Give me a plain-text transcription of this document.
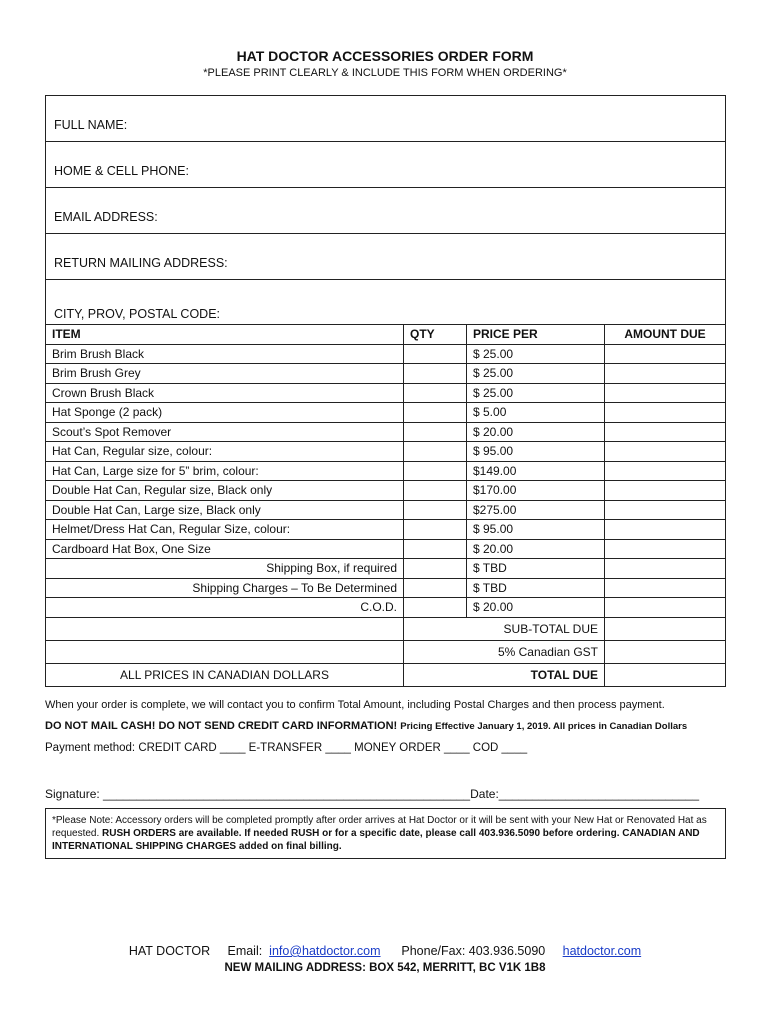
HAT DOCTOR ACCESSORIES ORDER FORM
*PLEASE PRINT CLEARLY & INCLUDE THIS FORM WHEN ORDERING*
FULL NAME:
HOME & CELL PHONE:
EMAIL ADDRESS:
RETURN MAILING ADDRESS:
CITY, PROV, POSTAL CODE:
ITEM	QTY	PRICE PER	AMOUNT DUE
Brim Brush Black		$ 25.00	
Brim Brush Grey		$ 25.00	
Crown Brush Black		$ 25.00	
Hat Sponge (2 pack)		$ 5.00	
Scout’s Spot Remover		$ 20.00	
Hat Can, Regular size, colour:		$ 95.00	
Hat Can, Large size for 5” brim, colour:		$149.00	
Double Hat Can, Regular size, Black only		$170.00	
Double Hat Can, Large size, Black only		$275.00	
Helmet/Dress Hat Can, Regular Size, colour:		$ 95.00	
Cardboard Hat Box, One Size		$ 20.00	
Shipping Box, if required		$ TBD	
Shipping Charges – To Be Determined		$ TBD	
C.O.D.		$ 20.00	
	SUB-TOTAL DUE		
	5% Canadian GST		
ALL PRICES IN CANADIAN DOLLARS	TOTAL DUE		
When your order is complete, we will contact you to confirm Total Amount, including Postal Charges and then process payment.
DO NOT MAIL CASH! DO NOT SEND CREDIT CARD INFORMATION! Pricing Effective January 1, 2019. All prices in Canadian Dollars
Payment method: CREDIT CARD ____ E-TRANSFER ____ MONEY ORDER ____ COD ____
Signature: _______________________________________________________Date:______________________________
*Please Note: Accessory orders will be completed promptly after order arrives at Hat Doctor or it will be sent with your New Hat or Renovated Hat as requested. RUSH ORDERS are available. If needed RUSH or for a specific date, please call 403.936.5090 before ordering. CANADIAN AND INTERNATIONAL SHIPPING CHARGES added on final billing.
HAT DOCTOR Email: info@hatdoctor.com Phone/Fax: 403.936.5090 hatdoctor.com
NEW MAILING ADDRESS: BOX 542, MERRITT, BC V1K 1B8
